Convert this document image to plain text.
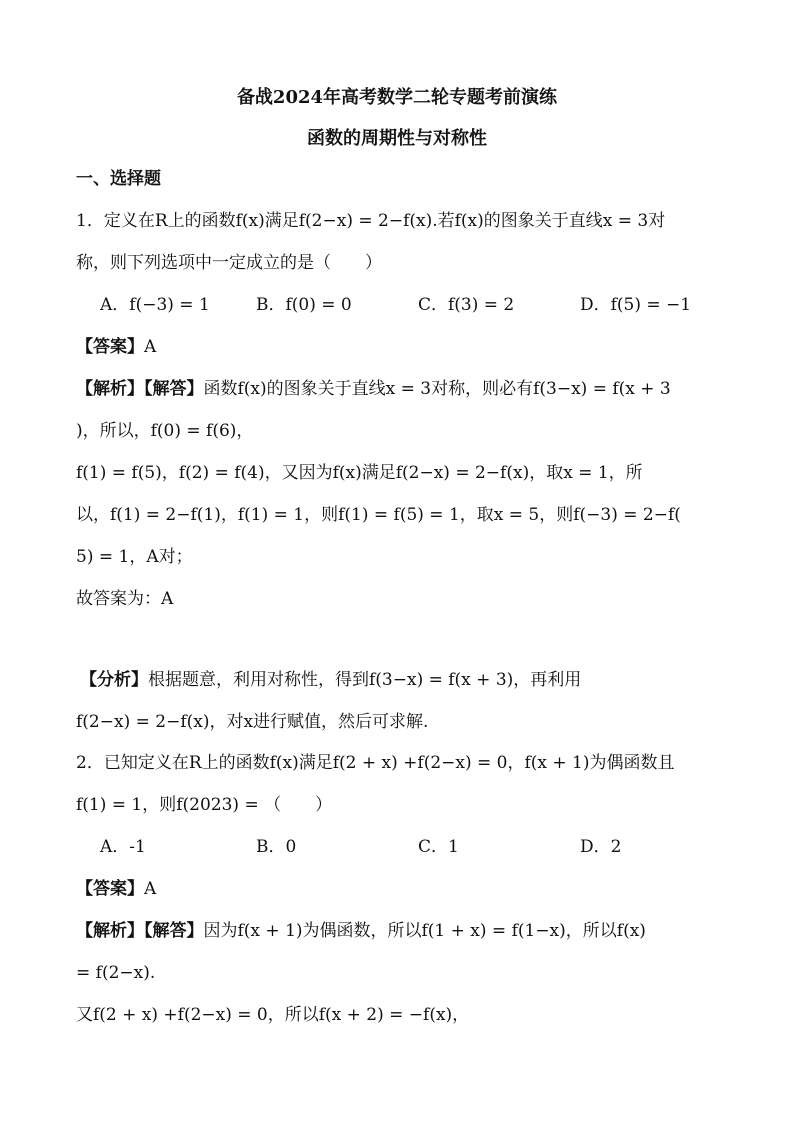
备战2024年高考数学二轮专题考前演练
函数的周期性与对称性
一、选择题
1．定义在R上的函数f(x)满足f(2−x) = 2−f(x).若f(x)的图象关于直线x = 3对
称，则下列选项中一定成立的是（　　）
A．f(−3) = 1	B．f(0) = 0	C．f(3) = 2	D．f(5) = −1
【答案】A
【解析】【解答】函数f(x)的图象关于直线x = 3对称，则必有f(3−x) = f(x + 3
)，所以，f(0) = f(6)，
f(1) = f(5)，f(2) = f(4)，又因为f(x)满足f(2−x) = 2−f(x)，取x = 1，所
以，f(1) = 2−f(1)，f(1) = 1，则f(1) = f(5) = 1，取x = 5，则f(−3) = 2−f(
5) = 1，A对；
故答案为：A
【分析】根据题意，利用对称性，得到f(3−x) = f(x + 3)，再利用
f(2−x) = 2−f(x)，对x进行赋值，然后可求解.
2．已知定义在R上的函数f(x)满足f(2 + x) +f(2−x) = 0，f(x + 1)为偶函数且
f(1) = 1，则f(2023) = （　　）
A．-1	B．0	C．1	D．2
【答案】A
【解析】【解答】因为f(x + 1)为偶函数，所以f(1 + x) = f(1−x)，所以f(x)
= f(2−x).
又f(2 + x) +f(2−x) = 0，所以f(x + 2) = −f(x)，
